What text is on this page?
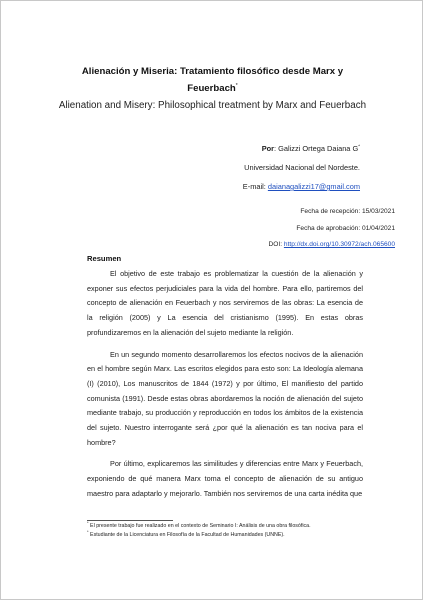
Alienación y Miseria: Tratamiento filosófico desde Marx y
Feuerbach*
Alienation and Misery: Philosophical treatment by Marx and Feuerbach
Por: Galizzi Ortega Daiana G*
Universidad Nacional del Nordeste.
E-mail: daianagalizzi17@gmail.com
Fecha de recepción: 15/03/2021
Fecha de aprobación: 01/04/2021
DOI: http://dx.doi.org/10.30972/ach.065600
Resumen

El objetivo de este trabajo es problematizar la cuestión de la alienación y exponer sus efectos perjudiciales para la vida del hombre. Para ello, partiremos del concepto de alienación en Feuerbach y nos serviremos de las obras: La esencia de la religión (2005) y La esencia del cristianismo (1995). En estas obras profundizaremos en la alienación del sujeto mediante la religión.

En un segundo momento desarrollaremos los efectos nocivos de la alienación en el hombre según Marx. Las escritos elegidos para esto son: La Ideología alemana (I) (2010), Los manuscritos de 1844 (1972) y por último, El manifiesto del partido comunista (1991). Desde estas obras abordaremos la noción de alienación del sujeto mediante trabajo, su producción y reproducción en todos los ámbitos de la existencia del sujeto. Nuestro interrogante será ¿por qué la alienación es tan nociva para el hombre?

Por último, explicaremos las similitudes y diferencias entre Marx y Feuerbach, exponiendo de qué manera Marx toma el concepto de alienación de su antiguo maestro para adaptarlo y mejorarlo. También nos serviremos de una carta inédita que

* El presente trabajo fue realizado en el contexto de Seminario I: Análisis de una obra filosófica.
* Estudiante de la Licenciatura en Filosofía de la Facultad de Humanidades (UNNE).
